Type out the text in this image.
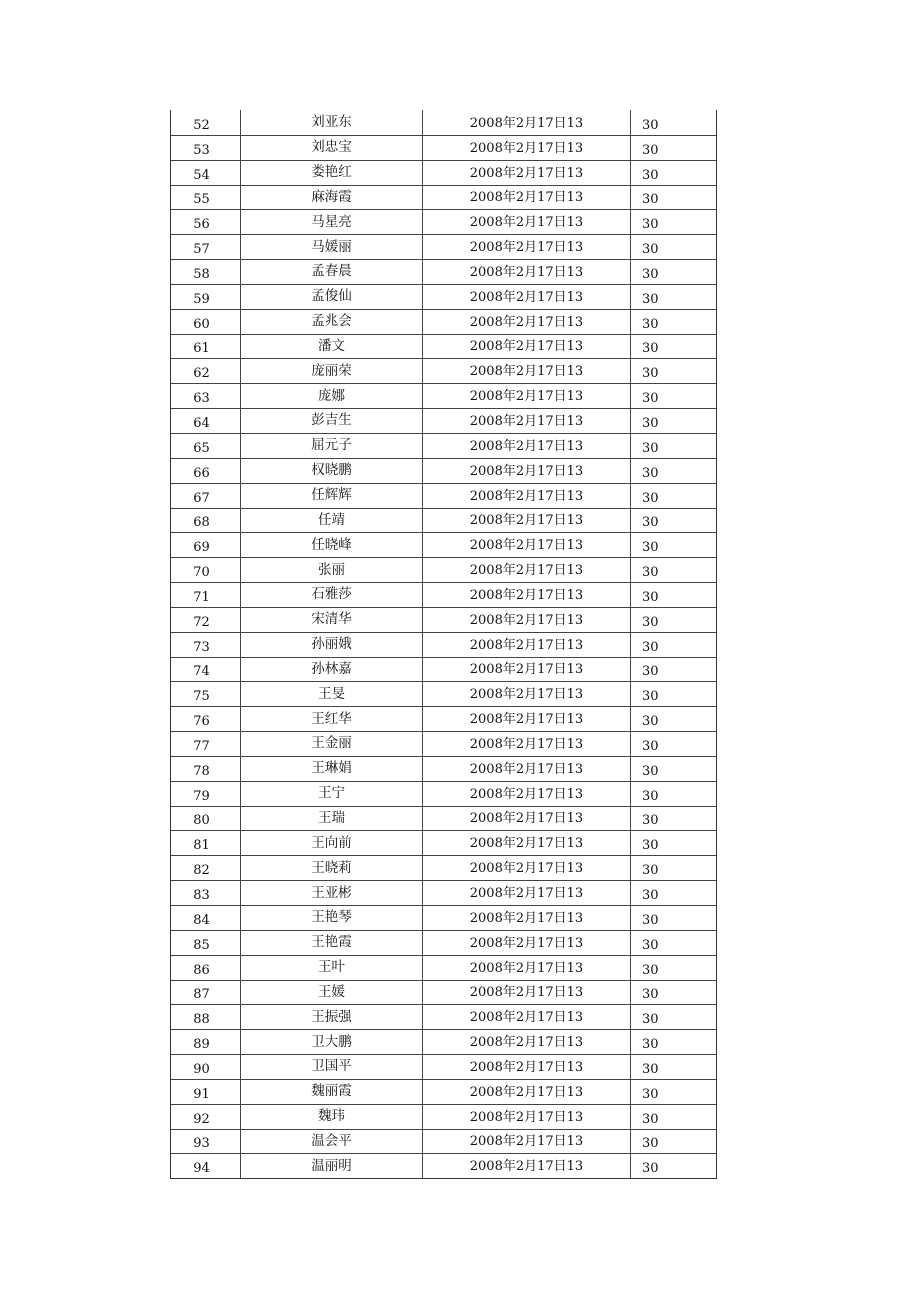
52	刘亚东	2008年2月17日13	30
53	刘忠宝	2008年2月17日13	30
54	娄艳红	2008年2月17日13	30
55	麻海霞	2008年2月17日13	30
56	马星亮	2008年2月17日13	30
57	马媛丽	2008年2月17日13	30
58	孟春晨	2008年2月17日13	30
59	孟俊仙	2008年2月17日13	30
60	孟兆会	2008年2月17日13	30
61	潘文	2008年2月17日13	30
62	庞丽荣	2008年2月17日13	30
63	庞娜	2008年2月17日13	30
64	彭吉生	2008年2月17日13	30
65	屈元子	2008年2月17日13	30
66	权晓鹏	2008年2月17日13	30
67	任辉辉	2008年2月17日13	30
68	任靖	2008年2月17日13	30
69	任晓峰	2008年2月17日13	30
70	张丽	2008年2月17日13	30
71	石雅莎	2008年2月17日13	30
72	宋清华	2008年2月17日13	30
73	孙丽娥	2008年2月17日13	30
74	孙林嘉	2008年2月17日13	30
75	王旻	2008年2月17日13	30
76	王红华	2008年2月17日13	30
77	王金丽	2008年2月17日13	30
78	王琳娟	2008年2月17日13	30
79	王宁	2008年2月17日13	30
80	王瑞	2008年2月17日13	30
81	王向前	2008年2月17日13	30
82	王晓莉	2008年2月17日13	30
83	王亚彬	2008年2月17日13	30
84	王艳琴	2008年2月17日13	30
85	王艳霞	2008年2月17日13	30
86	王叶	2008年2月17日13	30
87	王媛	2008年2月17日13	30
88	王振强	2008年2月17日13	30
89	卫大鹏	2008年2月17日13	30
90	卫国平	2008年2月17日13	30
91	魏丽霞	2008年2月17日13	30
92	魏玮	2008年2月17日13	30
93	温会平	2008年2月17日13	30
94	温丽明	2008年2月17日13	30
